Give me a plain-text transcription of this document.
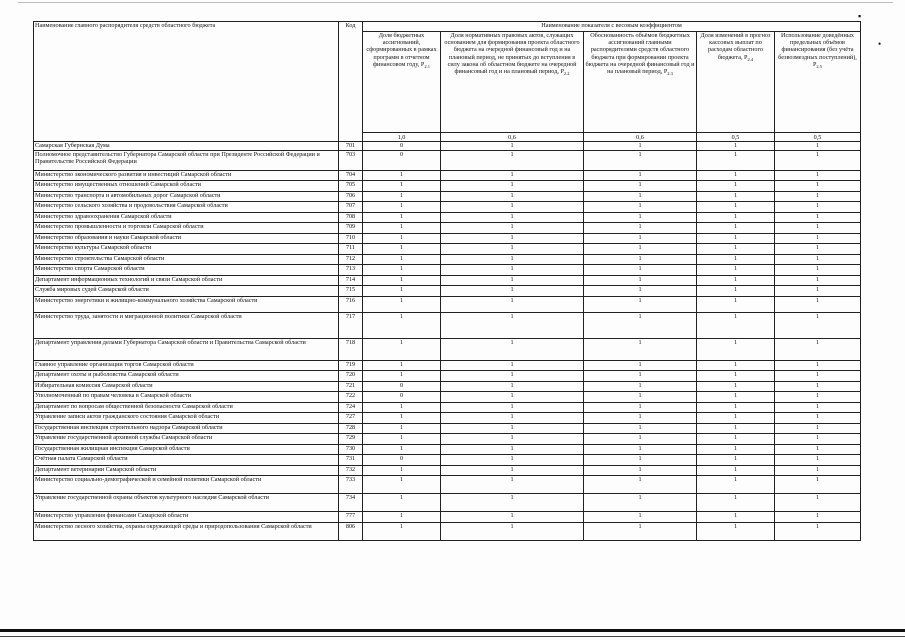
▪
•
Наименование главного распорядителя средств областного бюджета	Код	Наименование показателя с весовым коэффициентом				
		Доля бюджетных ассигнований, сформированных в рамках программ в отчетном финансовом году, $P_{2.1}$	Доля нормативных правовых актов, служащих основанием для формирования проекта областного бюджета на очередной финансовый год и на плановый период, не принятых до вступления в силу закона об областном бюджете на очередной финансовый год и на плановый период, $P_{2.2}$	Обоснованность объёмов бюджетных ассигнований главными распорядителями средств областного бюджета при формировании проекта бюджета на очередной финансовый год и на плановый период, $P_{2.3}$	Доля изменений в прогноз кассовых выплат по расходам областного бюджета, $P_{2.4}$	Использование доведённых предельных объёмов финансирования (без учёта безвозмездных поступлений), $P_{2.5}$
		1,0	0,6	0,6	0,5	0,5
Самарская Губернская Дума	701	0	1	1	1	1
Полномочное представительство Губернатора Самарской области при Президенте Российской Федерации и Правительстве Российской Федерации	703	0	1	1	1	1
Министерство экономического развития и инвестиций Самарской области	704	1	1	1	1	1
Министерство имущественных отношений Самарской области	705	1	1	1	1	1
Министерство транспорта и автомобильных дорог Самарской области	706	1	1	1	1	1
Министерство сельского хозяйства и продовольствия Самарской области	707	1	1	1	1	1
Министерство здравоохранения Самарской области	708	1	1	1	1	1
Министерство промышленности и торговли Самарской области	709	1	1	1	1	1
Министерство образования и науки Самарской области	710	1	1	1	1	1
Министерство культуры Самарской области	711	1	1	1	1	1
Министерство строительства Самарской области	712	1	1	1	1	1
Министерство спорта Самарской области	713	1	1	1	1	1
Департамент информационных технологий и связи Самарской области	714	1	1	1	1	1
Служба мировых судей Самарской области	715	1	1	1	1	1
Министерство энергетики и жилищно-коммунального хозяйства Самарской области	716	1	1	1	1	1
Министерство труда, занятости и миграционной политики Самарской области	717	1	1	1	1	1
Департамент управления делами Губернатора Самарской области и Правительства Самарской области	718	1	1	1	1	1
Главное управление организации торгов Самарской области	719	1	1	1	1	1
Департамент охоты и рыболовства Самарской области	720	1	1	1	1	1
Избирательная комиссия Самарской области	721	0	1	1	1	1
Уполномоченный по правам человека в Самарской области	722	0	1	1	1	1
Департамент по вопросам общественной безопасности Самарской области	724	1	1	1	1	1
Управление записи актов гражданского состояния Самарской области	727	1	1	1	1	1
Государственная инспекция строительного надзора Самарской области	728	1	1	1	1	1
Управление государственной архивной службы Самарской области	729	1	1	1	1	1
Государственная жилищная инспекция Самарской области	730	1	1	1	1	1
Счётная палата Самарской области	731	0	1	1	1	1
Департамент ветеринарии Самарской области	732	1	1	1	1	1
Министерство социально-демографической и семейной политики Самарской области	733	1	1	1	1	1
Управление государственной охраны объектов культурного наследия Самарской области	734	1	1	1	1	1
Министерство управления финансами Самарской области	777	1	1	1	1	1
Министерство лесного хозяйства, охраны окружающей среды и природопользования Самарской области	806	1	1	1	1	1
